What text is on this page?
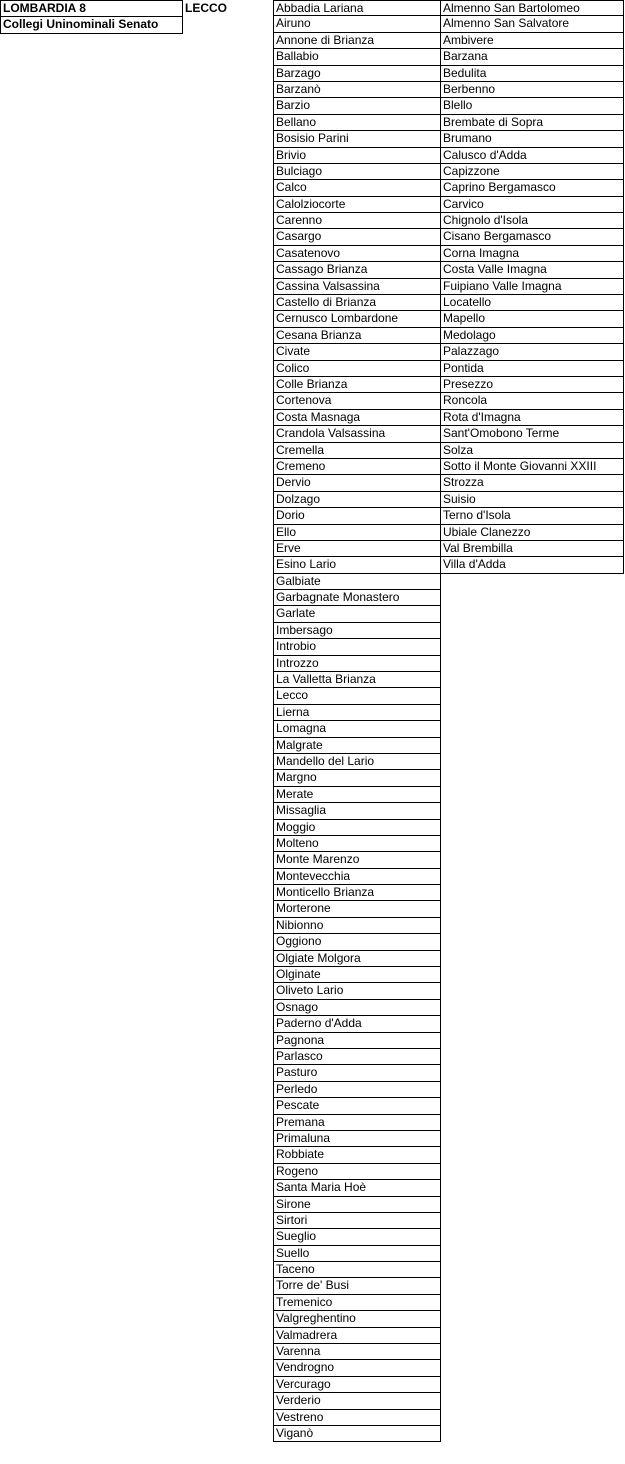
LOMBARDIA 8
Collegi Uninominali Senato
LECCO	Abbadia Lariana
Airuno
Annone di Brianza
Ballabio
Barzago
Barzanò
Barzio
Bellano
Bosisio Parini
Brivio
Bulciago
Calco
Calolziocorte
Carenno
Casargo
Casatenovo
Cassago Brianza
Cassina Valsassina
Castello di Brianza
Cernusco Lombardone
Cesana Brianza
Civate
Colico
Colle Brianza
Cortenova
Costa Masnaga
Crandola Valsassina
Cremella
Cremeno
Dervio
Dolzago
Dorio
Ello
Erve
Esino Lario
Galbiate
Garbagnate Monastero
Garlate
Imbersago
Introbio
Introzzo
La Valletta Brianza
Lecco
Lierna
Lomagna
Malgrate
Mandello del Lario
Margno
Merate
Missaglia
Moggio
Molteno
Monte Marenzo
Montevecchia
Monticello Brianza
Morterone
Nibionno
Oggiono
Olgiate Molgora
Olginate
Oliveto Lario
Osnago
Paderno d'Adda
Pagnona
Parlasco
Pasturo
Perledo
Pescate
Premana
Primaluna
Robbiate
Rogeno
Santa Maria Hoè
Sirone
Sirtori
Sueglio
Suello
Taceno
Torre de' Busi
Tremenico
Valgreghentino
Valmadrera
Varenna
Vendrogno
Vercurago
Verderio
Vestreno
Viganò
Almenno San Bartolomeo
Almenno San Salvatore
Ambivere
Barzana
Bedulita
Berbenno
Blello
Brembate di Sopra
Brumano
Calusco d'Adda
Capizzone
Caprino Bergamasco
Carvico
Chignolo d'Isola
Cisano Bergamasco
Corna Imagna
Costa Valle Imagna
Fuipiano Valle Imagna
Locatello
Mapello
Medolago
Palazzago
Pontida
Presezzo
Roncola
Rota d'Imagna
Sant'Omobono Terme
Solza
Sotto il Monte Giovanni XXIII
Strozza
Suisio
Terno d'Isola
Ubiale Clanezzo
Val Brembilla
Villa d'Adda
